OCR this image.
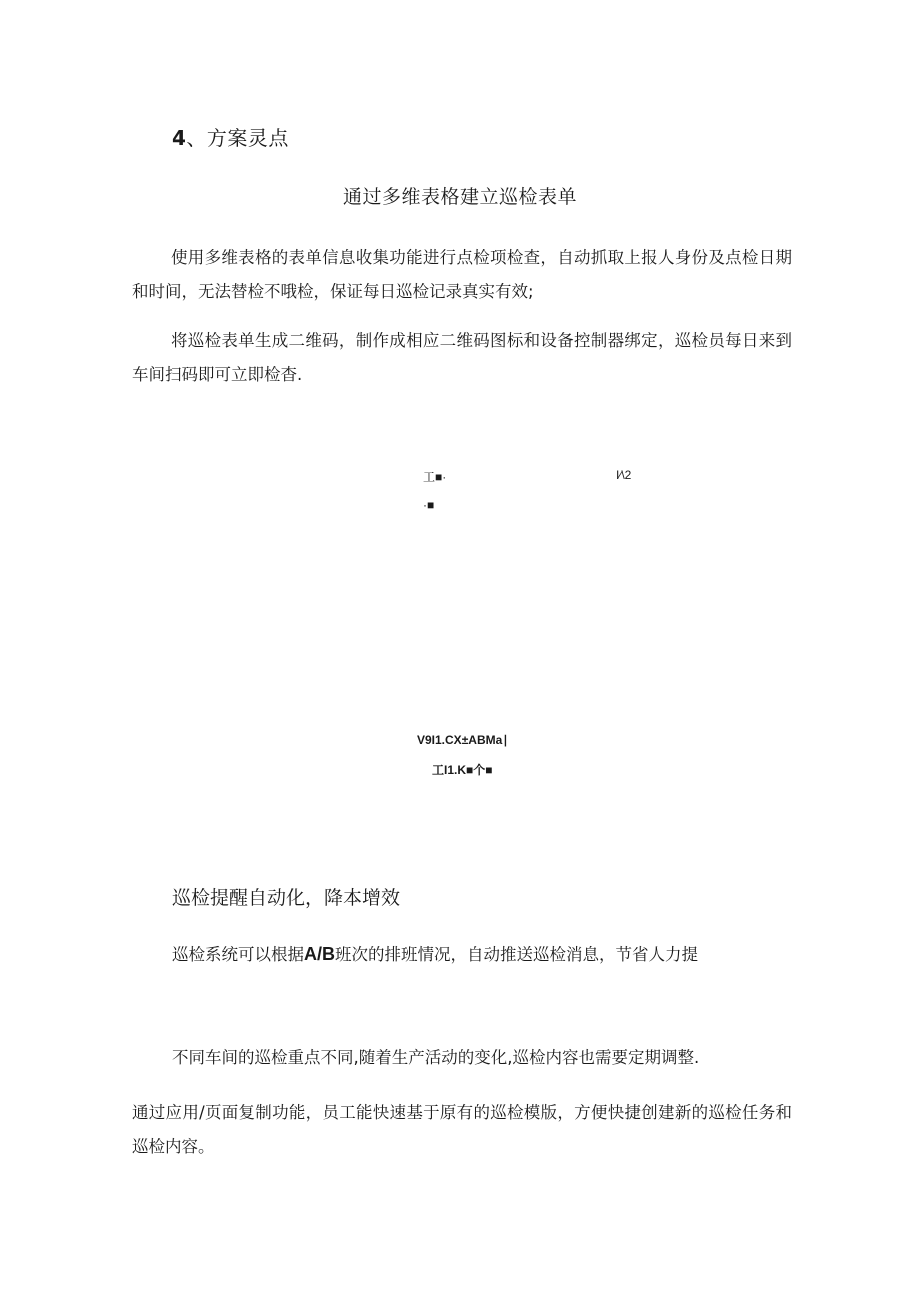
4、方案灵点
通过多维表格建立巡检表单
使用多维表格的表单信息收集功能进行点检项检查，自动抓取上报人身份及点检日期和时间，无法替检不哦检，保证每日巡检记录真实有效;
将巡检表单生成二维码，制作成相应二维码图标和设备控制器绑定，巡检员每日来到车间扫码即可立即检杳.
工■·	I∕\2
·■
V9I1.CX±ABMa∣
工I1.K■个■
巡检提醒自动化，降本增效
巡检系统可以根据A/B班次的排班情况，自动推送巡检消息，节省人力提
不同车间的巡检重点不同,随着生产活动的变化,巡检内容也需要定期调整.
通过应用/页面复制功能，员工能快速基于原有的巡检模版，方便快捷创建新的巡检任务和巡检内容。
